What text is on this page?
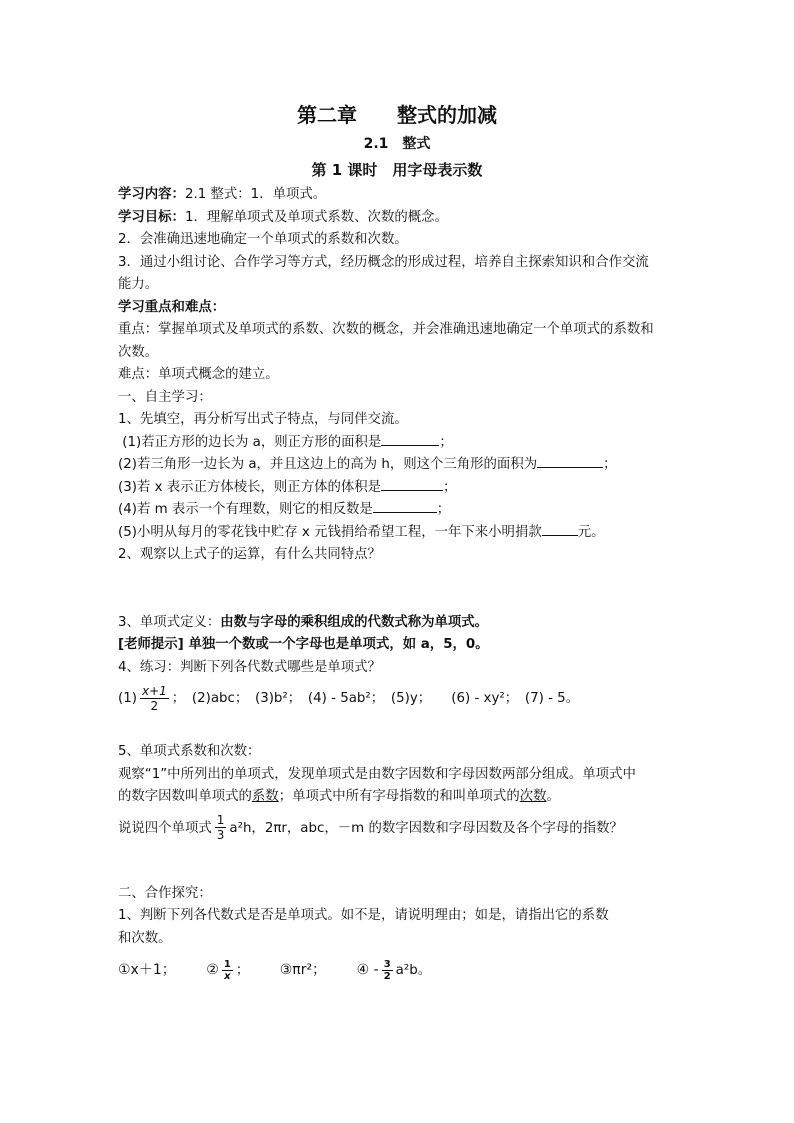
第二章　　整式的加减
2.1　整式
第 1 课时　用字母表示数
学习内容：2.1 整式：1．单项式。
学习目标：1．理解单项式及单项式系数、次数的概念。
2．会准确迅速地确定一个单项式的系数和次数。
3．通过小组讨论、合作学习等方式，经历概念的形成过程，培养自主探索知识和合作交流
能力。
学习重点和难点：
重点：掌握单项式及单项式的系数、次数的概念，并会准确迅速地确定一个单项式的系数和
次数。
难点：单项式概念的建立。
一、自主学习：
1、先填空，再分析写出式子特点，与同伴交流。
(1)若正方形的边长为 a，则正方形的面积是	；
(2)若三角形一边长为 a，并且这边上的高为 h，则这个三角形的面积为	；
(3)若 x 表示正方体棱长，则正方体的体积是	；
(4)若 m 表示一个有理数，则它的相反数是	；
(5)小明从每月的零花钱中贮存 x 元钱捐给希望工程，一年下来小明捐款	元。
2、观察以上式子的运算，有什么共同特点？
3、单项式定义：由数与字母的乘积组成的代数式称为单项式。
[老师提示] 单独一个数或一个字母也是单项式，如 a，5，0。
4、练习：判断下列各代数式哪些是单项式？
$(1) \frac{x+1}{2}$ ；　(2)abc；　(3)b²；　(4) - 5ab²；　(5)y；　　(6) - xy²；　(7) - 5。
5、单项式系数和次数：
观察“1”中所列出的单项式，发现单项式是由数字因数和字母因数两部分组成。单项式中
的数字因数叫单项式的系数；单项式中所有字母指数的和叫单项式的次数。
说说四个单项式 $\frac{1}{3} a^2h$，2πr，abc，－m 的数字因数和字母因数及各个字母的指数？
二、合作探究：
1、判断下列各代数式是否是单项式。如不是，请说明理由；如是，请指出它的系数
和次数。
①x＋1； ② $\frac{1}{x}$ ； ③πr²； ④ - $\frac{3}{2} a^2b$。
